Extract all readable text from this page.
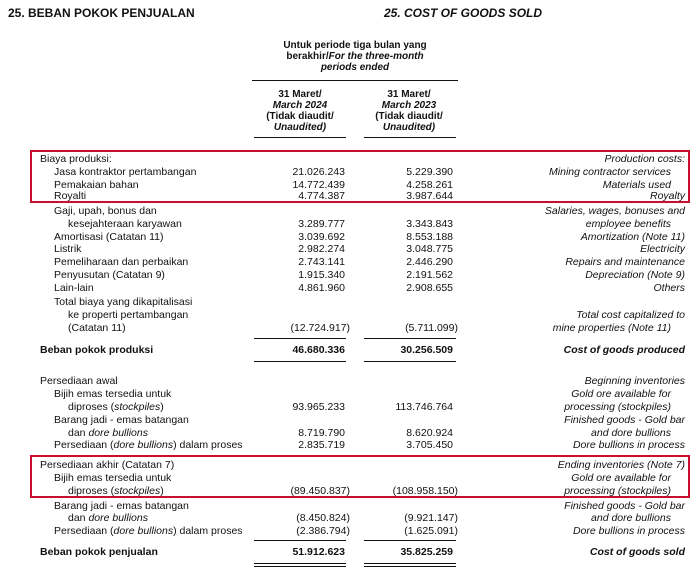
25. BEBAN POKOK PENJUALAN	25. COST OF GOODS SOLD
Untuk periode tiga bulan yang
berakhir/For the three-month
periods ended
31 Maret/
March 2024
(Tidak diaudit/
Unaudited)
31 Maret/
March 2023
(Tidak diaudit/
Unaudited)
Biaya produksi:	Production costs:
Jasa kontraktor pertambangan	21.026.243	5.229.390	Mining contractor services
Pemakaian bahan	14.772.439	4.258.261	Materials used
Royalti	4.774.387	3.987.644	Royalty
Gaji, upah, bonus dan	Salaries, wages, bonuses and
kesejahteraan karyawan	3.289.777	3.343.843	employee benefits
Amortisasi (Catatan 11)	3.039.692	8.553.188	Amortization (Note 11)
Listrik	2.982.274	3.048.775	Electricity
Pemeliharaan dan perbaikan	2.743.141	2.446.290	Repairs and maintenance
Penyusutan (Catatan 9)	1.915.340	2.191.562	Depreciation (Note 9)
Lain-lain	4.861.960	2.908.655	Others
Total biaya yang dikapitalisasi
ke properti pertambangan	Total cost capitalized to
(Catatan 11)	(12.724.917)	(5.711.099)	mine properties (Note 11)
Beban pokok produksi	46.680.336	30.256.509	Cost of goods produced
Persediaan awal	Beginning inventories
Bijih emas tersedia untuk	Gold ore available for
diproses (stockpiles)	93.965.233	113.746.764	processing (stockpiles)
Barang jadi - emas batangan	Finished goods - Gold bar
dan dore bullions	8.719.790	8.620.924	and dore bullions
Persediaan (dore bullions) dalam proses	2.835.719	3.705.450	Dore bullions in process
Persediaan akhir (Catatan 7)	Ending inventories (Note 7)
Bijih emas tersedia untuk	Gold ore available for
diproses (stockpiles)	(89.450.837)	(108.958.150)	processing (stockpiles)
Barang jadi - emas batangan	Finished goods - Gold bar
dan dore bullions	(8.450.824)	(9.921.147)	and dore bullions
Persediaan (dore bullions) dalam proses	(2.386.794)	(1.625.091)	Dore bullions in process
Beban pokok penjualan	51.912.623	35.825.259	Cost of goods sold
